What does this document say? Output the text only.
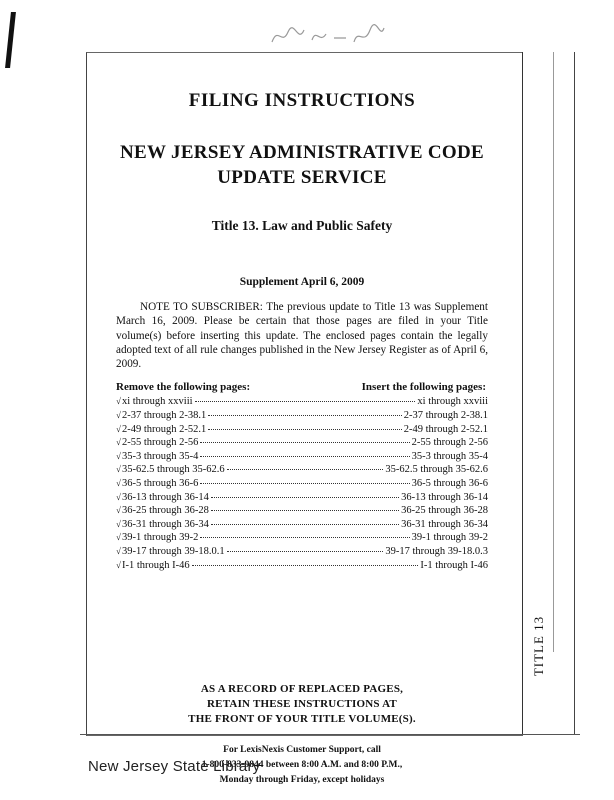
TITLE 13
FILING INSTRUCTIONS
NEW JERSEY ADMINISTRATIVE CODE
UPDATE SERVICE
Title 13. Law and Public Safety
Supplement April 6, 2009
NOTE TO SUBSCRIBER: The previous update to Title 13 was Supplement March 16, 2009. Please be certain that those pages are filed in your Title volume(s) before inserting this update. The enclosed pages contain the legally adopted text of all rule changes published in the New Jersey Register as of April 6, 2009.
Remove the following pages:	Insert the following pages:
√ xi through xxviii	xi through xxviii
√ 2-37 through 2-38.1	2-37 through 2-38.1
√ 2-49 through 2-52.1	2-49 through 2-52.1
√ 2-55 through 2-56	2-55 through 2-56
√ 35-3 through 35-4	35-3 through 35-4
√ 35-62.5 through 35-62.6	35-62.5 through 35-62.6
√ 36-5 through 36-6	36-5 through 36-6
√ 36-13 through 36-14	36-13 through 36-14
√ 36-25 through 36-28	36-25 through 36-28
√ 36-31 through 36-34	36-31 through 36-34
√ 39-1 through 39-2	39-1 through 39-2
√ 39-17 through 39-18.0.1	39-17 through 39-18.0.3
√ I-1 through I-46	I-1 through I-46
AS A RECORD OF REPLACED PAGES,
RETAIN THESE INSTRUCTIONS AT
THE FRONT OF YOUR TITLE VOLUME(S).
For LexisNexis Customer Support, call
1-800-833-9844 between 8:00 A.M. and 8:00 P.M.,
Monday through Friday, except holidays
New Jersey State Library
